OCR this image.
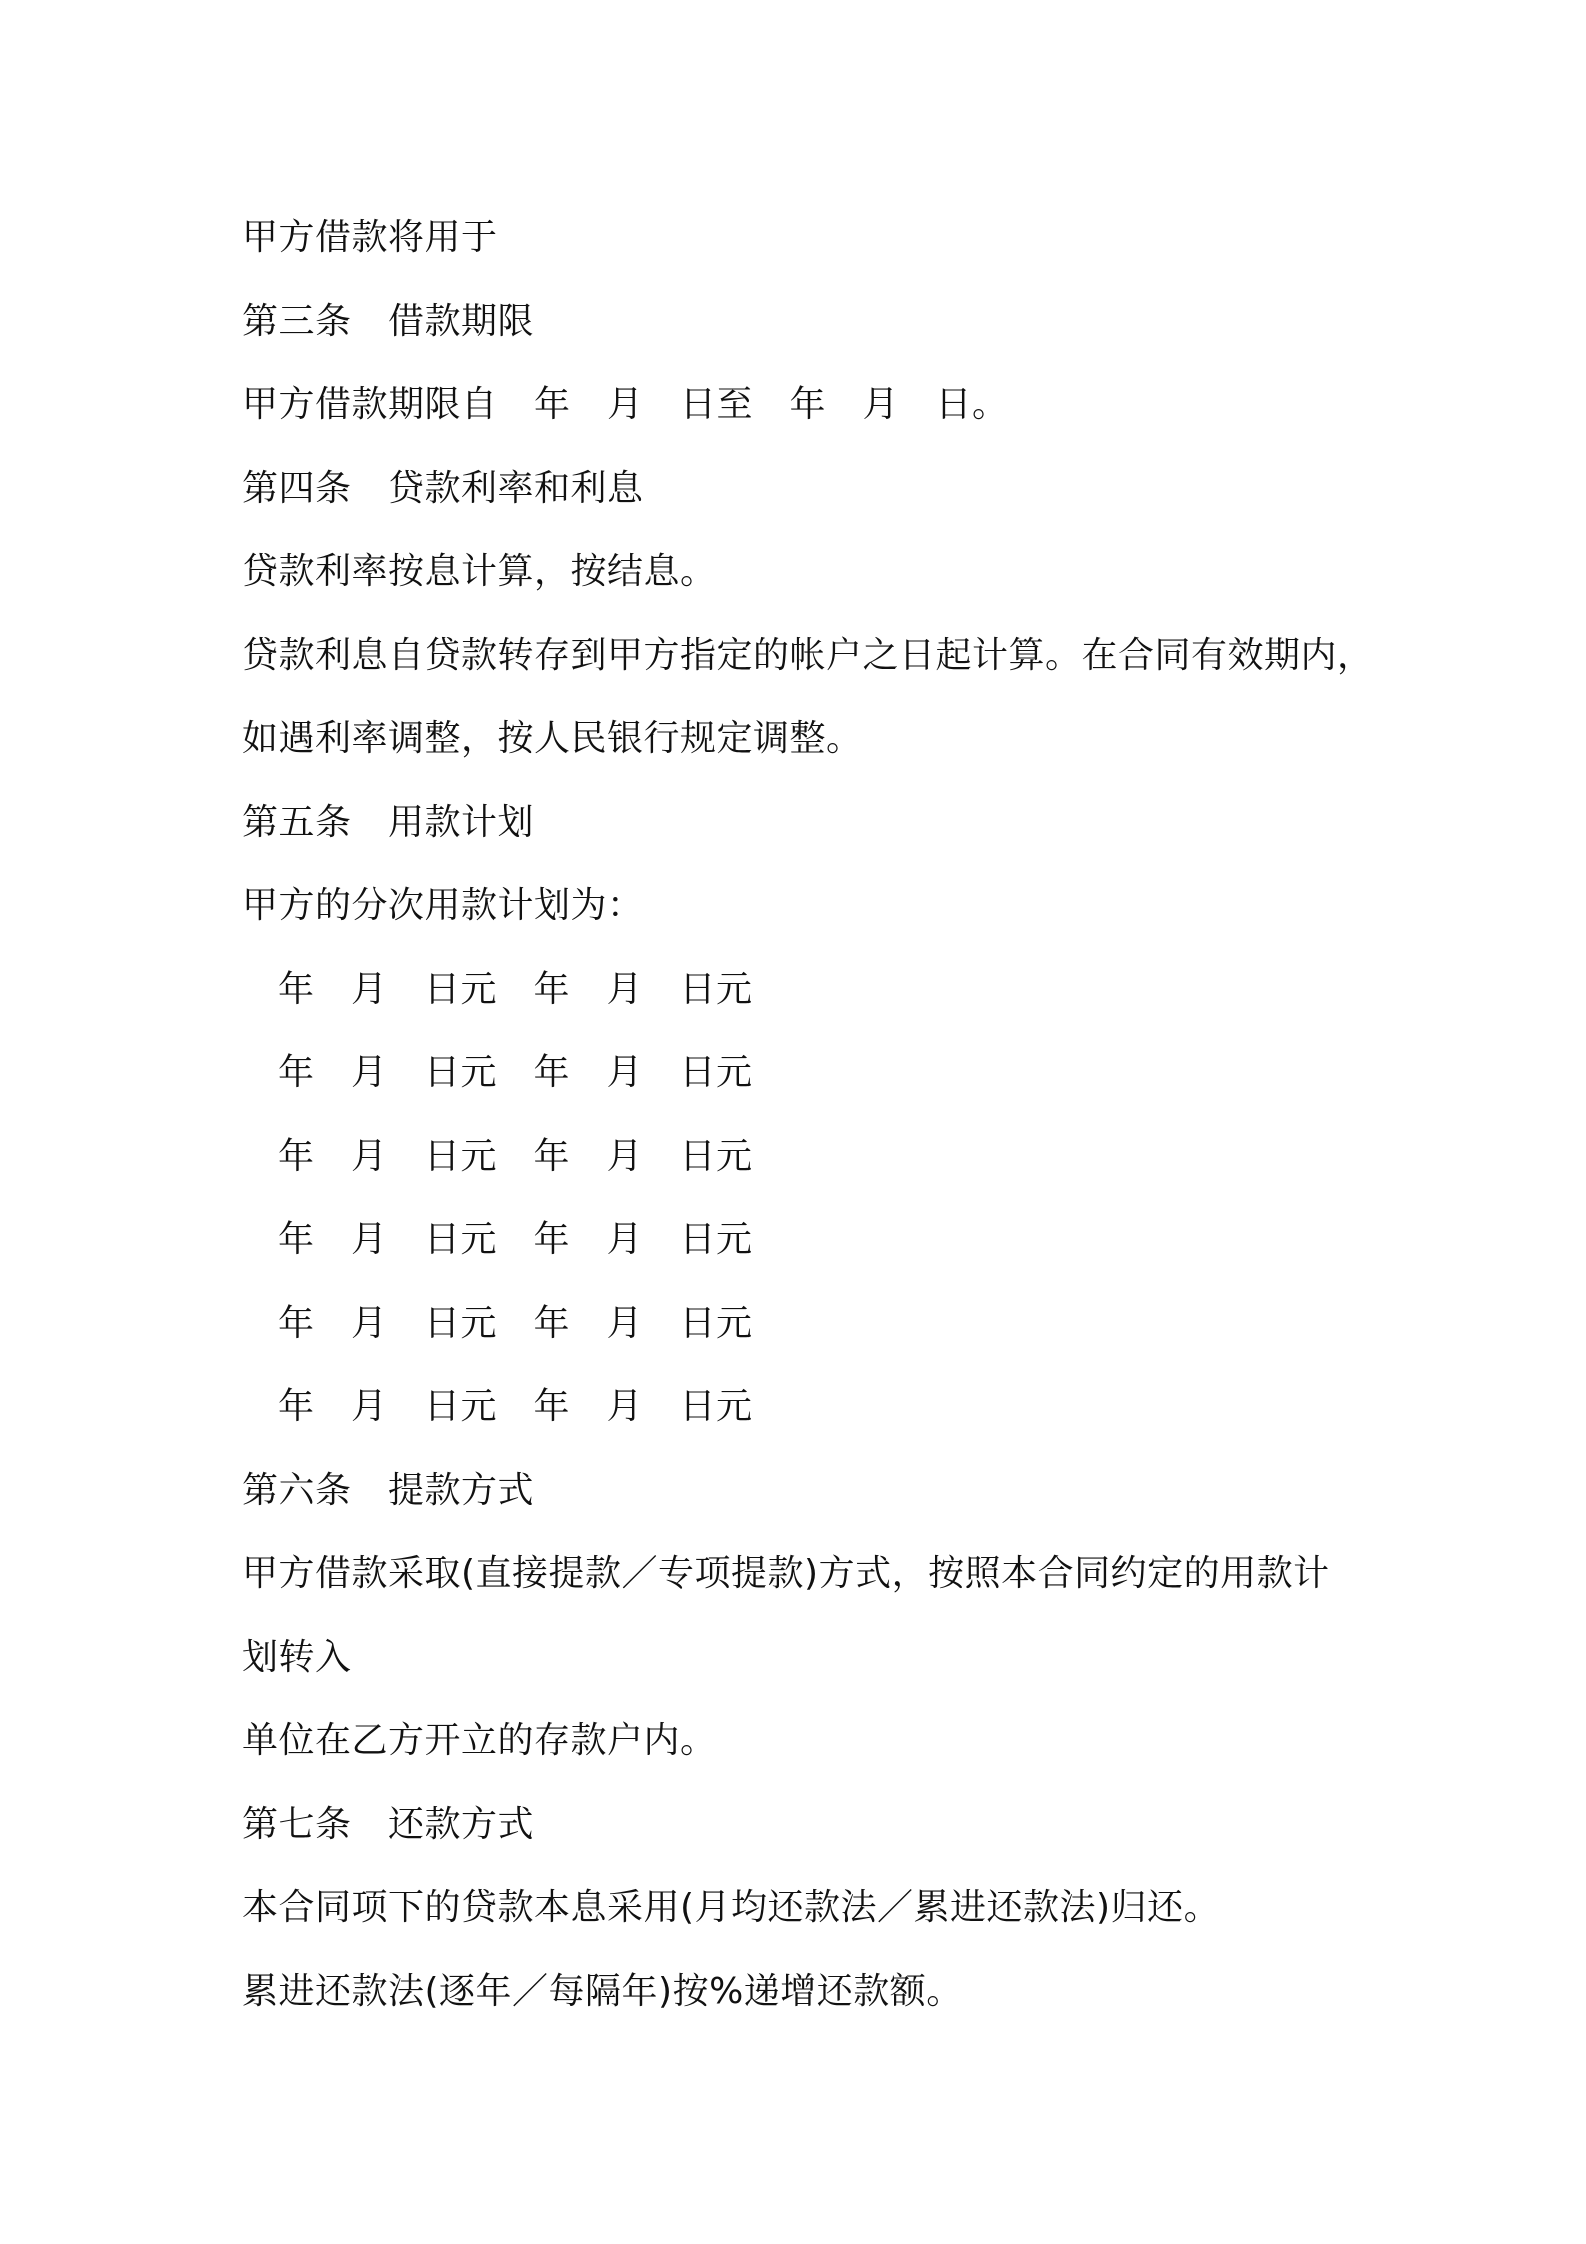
甲方借款将用于
第三条　借款期限
甲方借款期限自　年　月　日至　年　月　日。
第四条　贷款利率和利息
贷款利率按息计算，按结息。
贷款利息自贷款转存到甲方指定的帐户之日起计算。在合同有效期内，
如遇利率调整，按人民银行规定调整。
第五条　用款计划
甲方的分次用款计划为：
年　月　日元　年　月　日元
年　月　日元　年　月　日元
年　月　日元　年　月　日元
年　月　日元　年　月　日元
年　月　日元　年　月　日元
年　月　日元　年　月　日元
第六条　提款方式
甲方借款采取(直接提款／专项提款)方式，按照本合同约定的用款计
划转入
单位在乙方开立的存款户内。
第七条　还款方式
本合同项下的贷款本息采用(月均还款法／累进还款法)归还。
累进还款法(逐年／每隔年)按%递增还款额。
